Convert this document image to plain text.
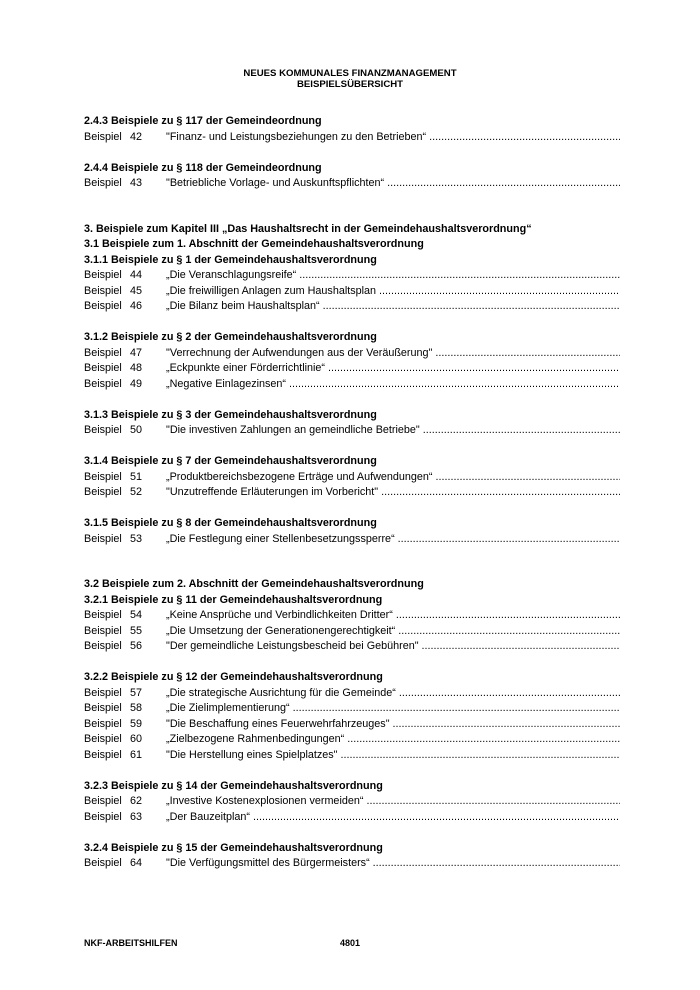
NEUES KOMMUNALES FINANZMANAGEMENT
BEISPIELSÜBERSICHT
2.4.3 Beispiele zu § 117 der Gemeindeordnung
Beispiel 42	"Finanz- und Leistungsbeziehungen zu den Betrieben“ .....
2.4.4 Beispiele zu § 118 der Gemeindeordnung
Beispiel 43	"Betriebliche Vorlage- und Auskunftspflichten“ .....
3. Beispiele zum Kapitel III „Das Haushaltsrecht in der Gemeindehaushaltsverordnung“
3.1 Beispiele zum 1. Abschnitt der Gemeindehaushaltsverordnung
3.1.1 Beispiele zu § 1 der Gemeindehaushaltsverordnung
Beispiel 44	„Die Veranschlagungsreife“ .....
Beispiel 45	„Die freiwilligen Anlagen zum Haushaltsplan .....
Beispiel 46	„Die Bilanz beim Haushaltsplan“ .....
3.1.2 Beispiele zu § 2 der Gemeindehaushaltsverordnung
Beispiel 47	"Verrechnung der Aufwendungen aus der Veräußerung" .....
Beispiel 48	„Eckpunkte einer Förderrichtlinie“ .....
Beispiel 49	„Negative Einlagezinsen“ .....
3.1.3 Beispiele zu § 3 der Gemeindehaushaltsverordnung
Beispiel 50	"Die investiven Zahlungen an gemeindliche Betriebe" .....
3.1.4 Beispiele zu § 7 der Gemeindehaushaltsverordnung
Beispiel 51	„Produktbereichsbezogene Erträge und Aufwendungen“ .....
Beispiel 52	"Unzutreffende Erläuterungen im Vorbericht" .....
3.1.5 Beispiele zu § 8 der Gemeindehaushaltsverordnung
Beispiel 53	„Die Festlegung einer Stellenbesetzungssperre“ .....
3.2 Beispiele zum 2. Abschnitt der Gemeindehaushaltsverordnung
3.2.1 Beispiele zu § 11 der Gemeindehaushaltsverordnung
Beispiel 54	„Keine Ansprüche und Verbindlichkeiten Dritter“ .....
Beispiel 55	„Die Umsetzung der Generationengerechtigkeit“ .....
Beispiel 56	"Der gemeindliche Leistungsbescheid bei Gebühren" .....
3.2.2 Beispiele zu § 12 der Gemeindehaushaltsverordnung
Beispiel 57	„Die strategische Ausrichtung für die Gemeinde“ .....
Beispiel 58	„Die Zielimplementierung“ .....
Beispiel 59	"Die Beschaffung eines Feuerwehrfahrzeuges" .....
Beispiel 60	„Zielbezogene Rahmenbedingungen“ .....
Beispiel 61	"Die Herstellung eines Spielplatzes" .....
3.2.3 Beispiele zu § 14 der Gemeindehaushaltsverordnung
Beispiel 62	„Investive Kostenexplosionen vermeiden“ .....
Beispiel 63	„Der Bauzeitplan“ .....
3.2.4 Beispiele zu § 15 der Gemeindehaushaltsverordnung
Beispiel 64	"Die Verfügungsmittel des Bürgermeisters“ .....
NKF-ARBEITSHILFEN	4801
